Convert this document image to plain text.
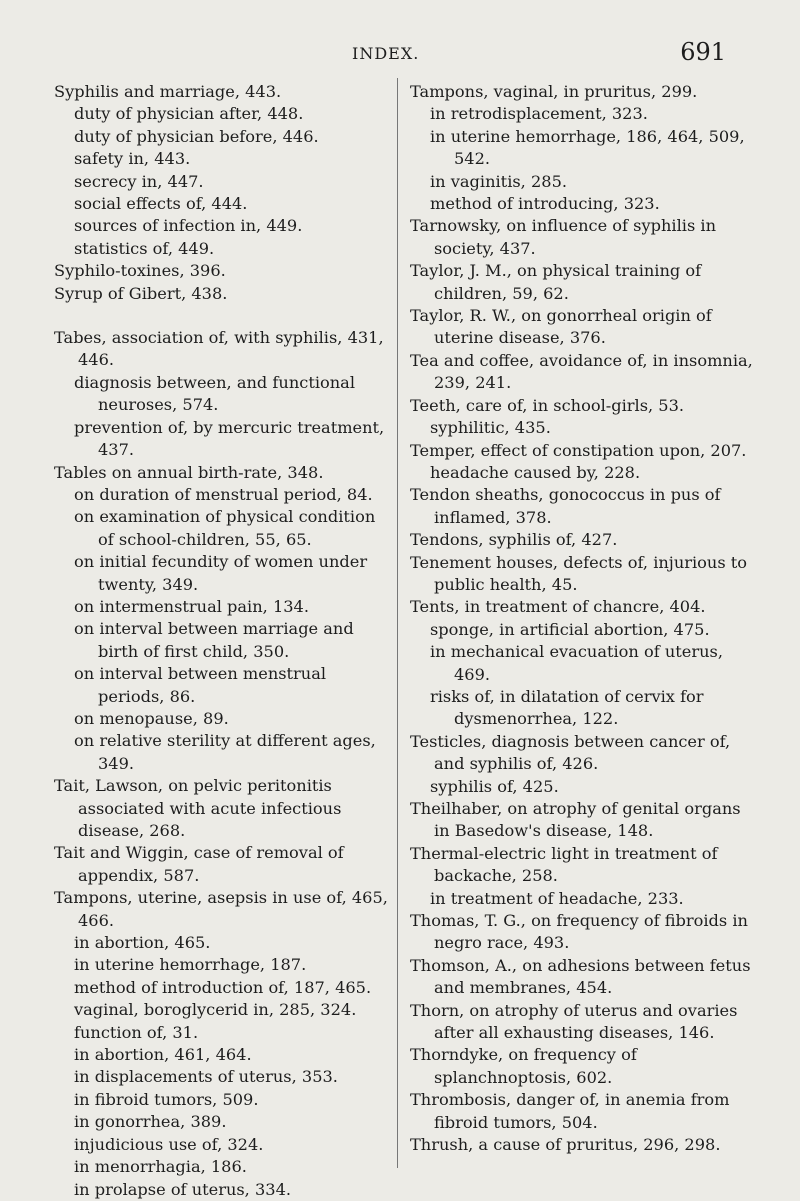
INDEX.	691
Syphilis and marriage, 443.
duty of physician after, 448.
duty of physician before, 446.
safety in, 443.
secrecy in, 447.
social effects of, 444.
sources of infection in, 449.
statistics of, 449.
Syphilo-toxines, 396.
Syrup of Gibert, 438.
Tabes, association of, with syphilis, 431, 446.
diagnosis between, and functional neuroses, 574.
prevention of, by mercuric treatment, 437.
Tables on annual birth-rate, 348.
on duration of menstrual period, 84.
on examination of physical condition of school-children, 55, 65.
on initial fecundity of women under twenty, 349.
on intermenstrual pain, 134.
on interval between marriage and birth of first child, 350.
on interval between menstrual periods, 86.
on menopause, 89.
on relative sterility at different ages, 349.
Tait, Lawson, on pelvic peritonitis associated with acute infectious disease, 268.
Tait and Wiggin, case of removal of appendix, 587.
Tampons, uterine, asepsis in use of, 465, 466.
in abortion, 465.
in uterine hemorrhage, 187.
method of introduction of, 187, 465.
vaginal, boroglycerid in, 285, 324.
function of, 31.
in abortion, 461, 464.
in displacements of uterus, 353.
in fibroid tumors, 509.
in gonorrhea, 389.
injudicious use of, 324.
in menorrhagia, 186.
in prolapse of uterus, 334.
Tampons, vaginal, in pruritus, 299.
in retrodisplacement, 323.
in uterine hemorrhage, 186, 464, 509, 542.
in vaginitis, 285.
method of introducing, 323.
Tarnowsky, on influence of syphilis in society, 437.
Taylor, J. M., on physical training of children, 59, 62.
Taylor, R. W., on gonorrheal origin of uterine disease, 376.
Tea and coffee, avoidance of, in insomnia, 239, 241.
Teeth, care of, in school-girls, 53.
syphilitic, 435.
Temper, effect of constipation upon, 207.
headache caused by, 228.
Tendon sheaths, gonococcus in pus of inflamed, 378.
Tendons, syphilis of, 427.
Tenement houses, defects of, injurious to public health, 45.
Tents, in treatment of chancre, 404.
sponge, in artificial abortion, 475.
in mechanical evacuation of uterus, 469.
risks of, in dilatation of cervix for dysmenorrhea, 122.
Testicles, diagnosis between cancer of, and syphilis of, 426.
syphilis of, 425.
Theilhaber, on atrophy of genital organs in Basedow's disease, 148.
Thermal-electric light in treatment of backache, 258.
in treatment of headache, 233.
Thomas, T. G., on frequency of fibroids in negro race, 493.
Thomson, A., on adhesions between fetus and membranes, 454.
Thorn, on atrophy of uterus and ovaries after all exhausting diseases, 146.
Thorndyke, on frequency of splanchnoptosis, 602.
Thrombosis, danger of, in anemia from fibroid tumors, 504.
Thrush, a cause of pruritus, 296, 298.
